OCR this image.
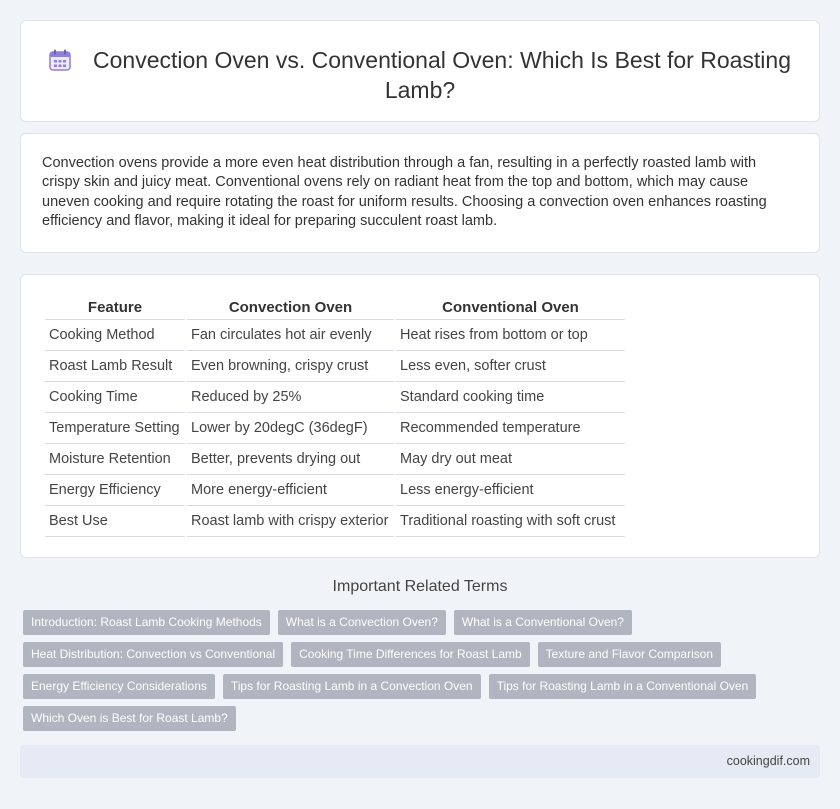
Convection Oven vs. Conventional Oven: Which Is Best for Roasting Lamb?

Convection ovens provide a more even heat distribution through a fan, resulting in a perfectly roasted lamb with crispy skin and juicy meat. Conventional ovens rely on radiant heat from the top and bottom, which may cause uneven cooking and require rotating the roast for uniform results. Choosing a convection oven enhances roasting efficiency and flavor, making it ideal for preparing succulent roast lamb.

Feature	Convection Oven	Conventional Oven
Cooking Method	Fan circulates hot air evenly	Heat rises from bottom or top
Roast Lamb Result	Even browning, crispy crust	Less even, softer crust
Cooking Time	Reduced by 25%	Standard cooking time
Temperature Setting	Lower by 20degC (36degF)	Recommended temperature
Moisture Retention	Better, prevents drying out	May dry out meat
Energy Efficiency	More energy-efficient	Less energy-efficient
Best Use	Roast lamb with crispy exterior	Traditional roasting with soft crust
Important Related Terms
Introduction: Roast Lamb Cooking Methods	What is a Convection Oven?	What is a Conventional Oven?
Heat Distribution: Convection vs Conventional	Cooking Time Differences for Roast Lamb	Texture and Flavor Comparison
Energy Efficiency Considerations	Tips for Roasting Lamb in a Convection Oven	Tips for Roasting Lamb in a Conventional Oven
Which Oven is Best for Roast Lamb?
cookingdif.com
